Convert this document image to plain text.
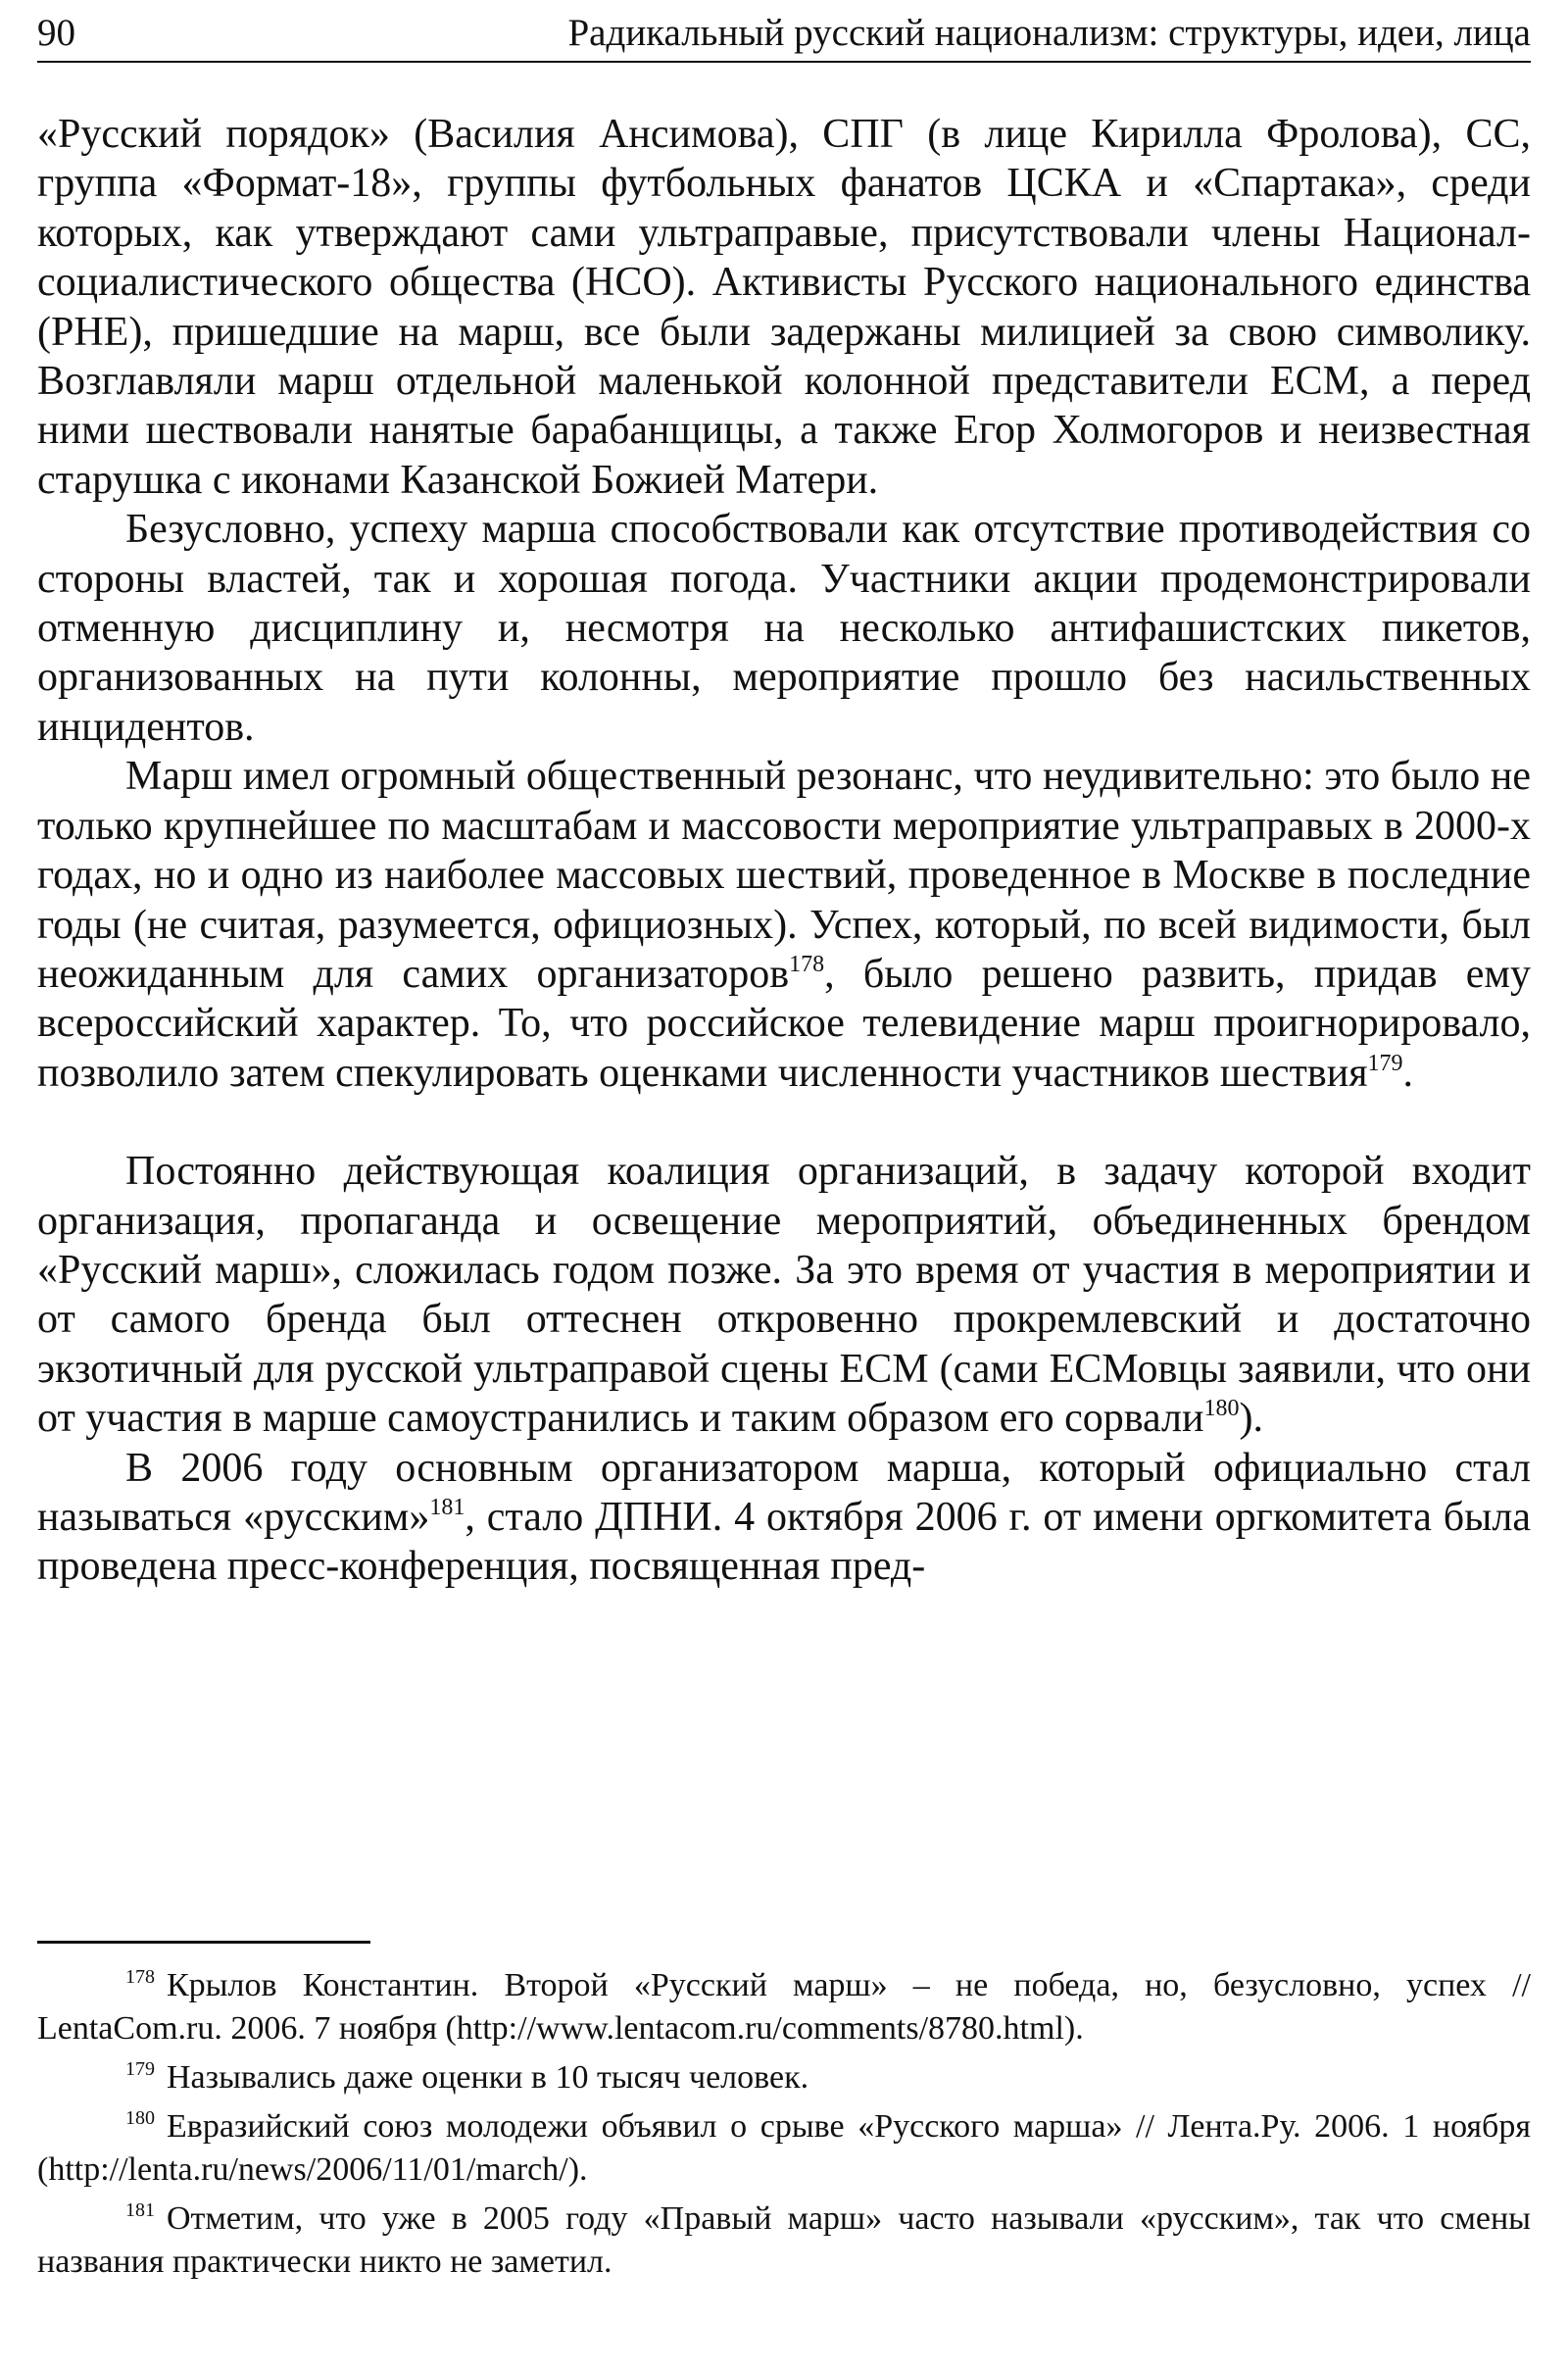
90	Радикальный русский национализм: структуры, идеи, лица

«Русский порядок» (Василия Ансимова), СПГ (в лице Кирилла Фролова), СС, группа «Формат-18», группы футбольных фанатов ЦСКА и «Спартака», среди которых, как утверждают сами ультраправые, присутствовали члены Национал-социалистического общества (НСО). Активисты Русского национального единства (РНЕ), пришедшие на марш, все были задержаны милицией за свою символику. Возглавляли марш отдельной маленькой колонной представители ЕСМ, а перед ними шествовали нанятые барабанщицы, а также Егор Холмогоров и неизвестная старушка с иконами Казанской Божией Матери.

Безусловно, успеху марша способствовали как отсутствие противодействия со стороны властей, так и хорошая погода. Участники акции продемонстрировали отменную дисциплину и, несмотря на несколько антифашистских пикетов, организованных на пути колонны, мероприятие прошло без насильственных инцидентов.

Марш имел огромный общественный резонанс, что неудивительно: это было не только крупнейшее по масштабам и массовости мероприятие ультраправых в 2000-х годах, но и одно из наиболее массовых шествий, проведенное в Москве в последние годы (не считая, разумеется, официозных). Успех, который, по всей видимости, был неожиданным для самих организаторов$^{178}$, было решено развить, придав ему всероссийский характер. То, что российское телевидение марш проигнорировало, позволило затем спекулировать оценками численности участников шествия$^{179}$.

Постоянно действующая коалиция организаций, в задачу которой входит организация, пропаганда и освещение мероприятий, объединенных брендом «Русский марш», сложилась годом позже. За это время от участия в мероприятии и от самого бренда был оттеснен откровенно прокремлевский и достаточно экзотичный для русской ультраправой сцены ЕСМ (сами ЕСМовцы заявили, что они от участия в марше самоустранились и таким образом его сорвали$^{180}$).

В 2006 году основным организатором марша, который официально стал называться «русским»$^{181}$, стало ДПНИ. 4 октября 2006 г. от имени оргкомитета была проведена пресс-конференция, посвященная пред-

$^{178}$ Крылов Константин. Второй «Русский марш» – не победа, но, безусловно, успех // LentaCom.ru. 2006. 7 ноября (http://www.lentacom.ru/comments/8780.html).

$^{179}$ Назывались даже оценки в 10 тысяч человек.

$^{180}$ Евразийский союз молодежи объявил о срыве «Русского марша» // Лента.Ру. 2006. 1 ноября (http://lenta.ru/news/2006/11/01/march/).

$^{181}$ Отметим, что уже в 2005 году «Правый марш» часто называли «русским», так что смены названия практически никто не заметил.
